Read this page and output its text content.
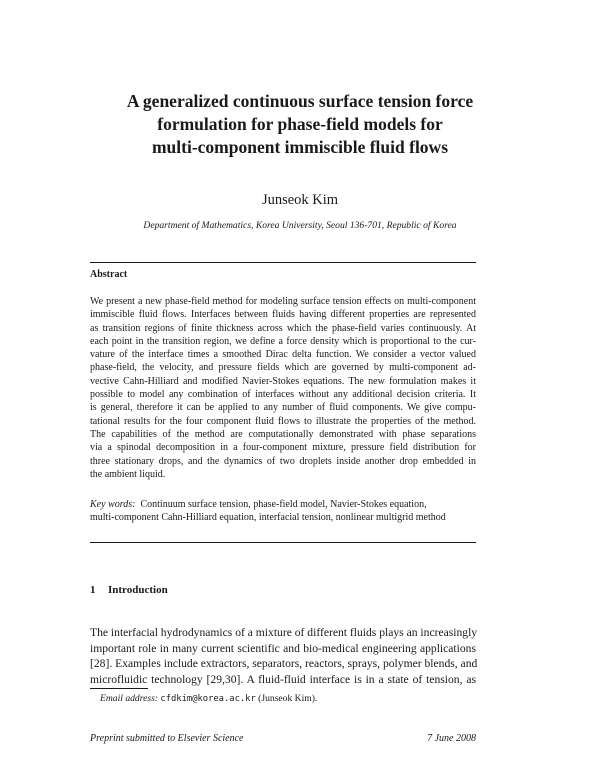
A generalized continuous surface tension force
formulation for phase-field models for
multi-component immiscible fluid flows
Junseok Kim
Department of Mathematics, Korea University, Seoul 136-701, Republic of Korea
Abstract
We present a new phase-field method for modeling surface tension effects on multi-component
immiscible fluid flows. Interfaces between fluids having different properties are represented
as transition regions of finite thickness across which the phase-field varies continuously. At
each point in the transition region, we define a force density which is proportional to the cur-
vature of the interface times a smoothed Dirac delta function. We consider a vector valued
phase-field, the velocity, and pressure fields which are governed by multi-component ad-
vective Cahn-Hilliard and modified Navier-Stokes equations. The new formulation makes it
possible to model any combination of interfaces without any additional decision criteria. It
is general, therefore it can be applied to any number of fluid components. We give compu-
tational results for the four component fluid flows to illustrate the properties of the method.
The capabilities of the method are computationally demonstrated with phase separations
via a spinodal decomposition in a four-component mixture, pressure field distribution for
three stationary drops, and the dynamics of two droplets inside another drop embedded in
the ambient liquid.
Key words: Continuum surface tension, phase-field model, Navier-Stokes equation,
multi-component Cahn-Hilliard equation, interfacial tension, nonlinear multigrid method
1 Introduction
The interfacial hydrodynamics of a mixture of different fluids plays an increasingly
important role in many current scientific and bio-medical engineering applications
[28]. Examples include extractors, separators, reactors, sprays, polymer blends, and
microfluidic technology [29,30]. A fluid-fluid interface is in a state of tension, as
Email address: cfdkim@korea.ac.kr (Junseok Kim).
Preprint submitted to Elsevier Science	7 June 2008
